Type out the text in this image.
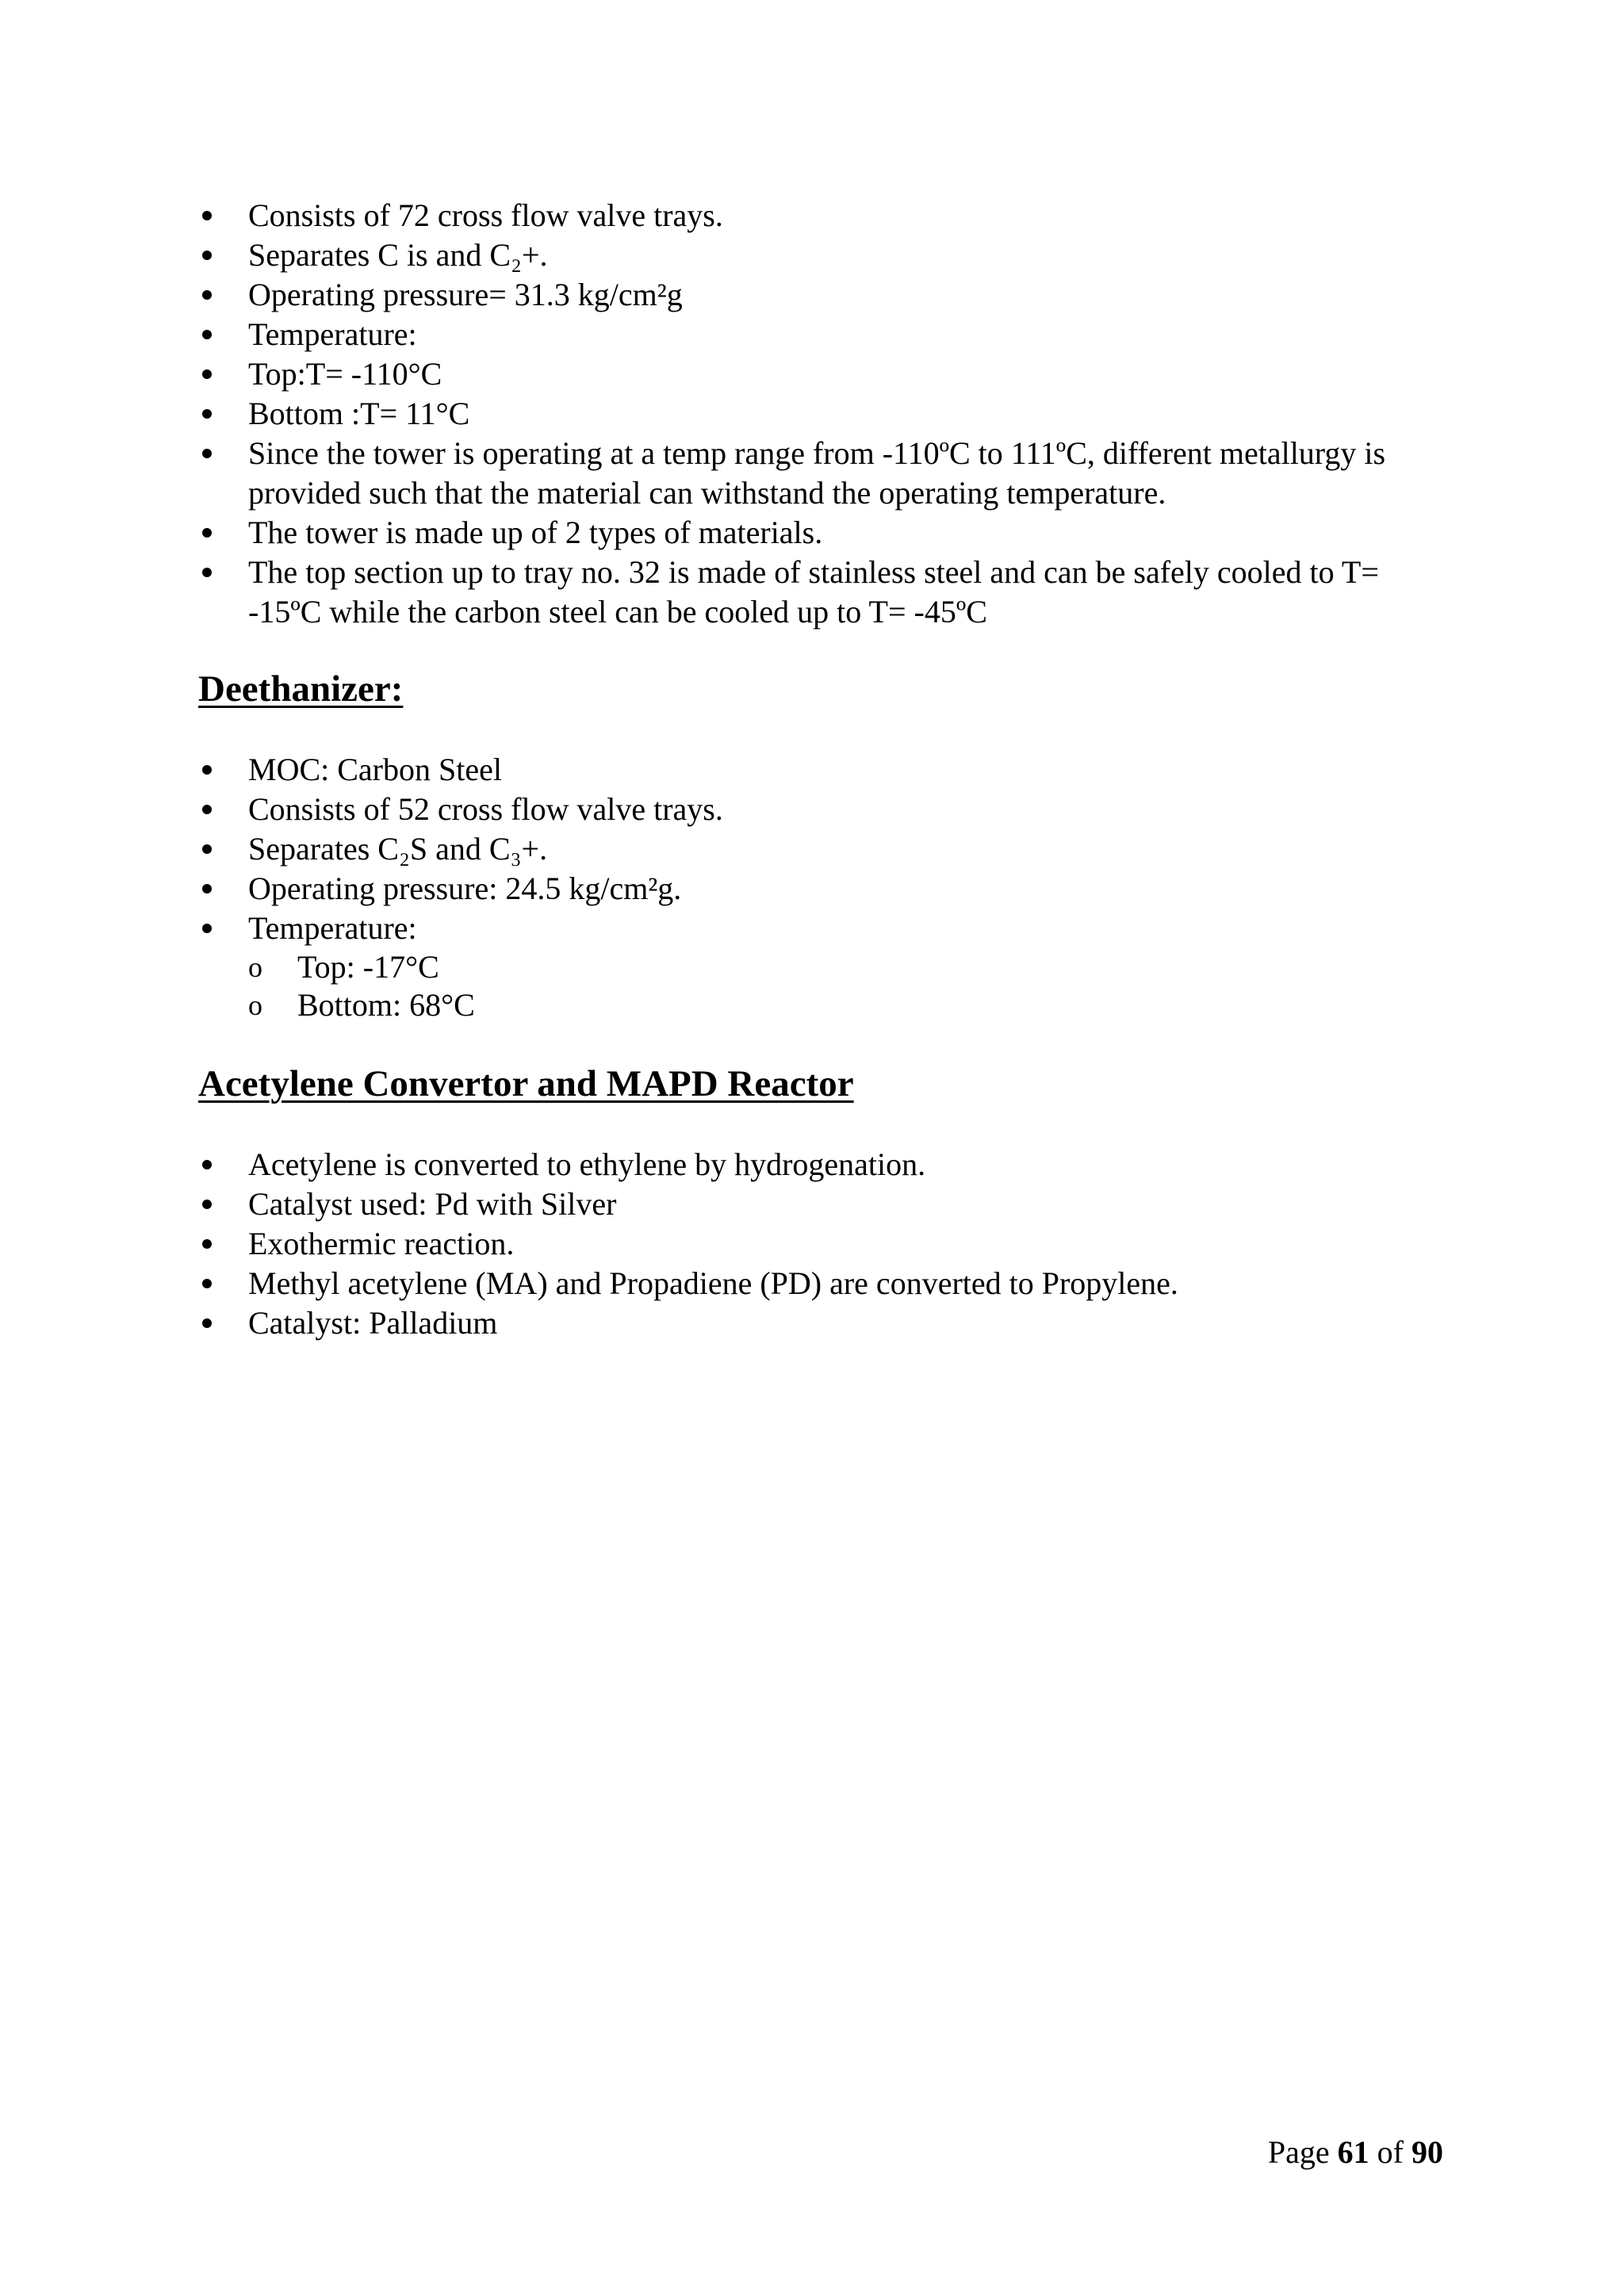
Consists of 72 cross flow valve trays.
Separates C is and C₂+.
Operating pressure= 31.3 kg/cm²g
Temperature:
Top:T= -110°C
Bottom :T= 11°C
Since the tower is operating at a temp range from -110ºC to 111ºC, different metallurgy is provided such that the material can withstand the operating temperature.
The tower is made up of 2 types of materials.
The top section up to tray no. 32 is made of stainless steel and can be safely cooled to T= -15ºC while the carbon steel can be cooled up to T= -45ºC
Deethanizer:
MOC: Carbon Steel
Consists of 52 cross flow valve trays.
Separates C₂S and C₃+.
Operating pressure: 24.5 kg/cm²g.
Temperature:
o Top: -17°C
o Bottom: 68°C
Acetylene Convertor and MAPD Reactor
Acetylene is converted to ethylene by hydrogenation.
Catalyst used: Pd with Silver
Exothermic reaction.
Methyl acetylene (MA) and Propadiene (PD) are converted to Propylene.
Catalyst: Palladium
Page 61 of 90
